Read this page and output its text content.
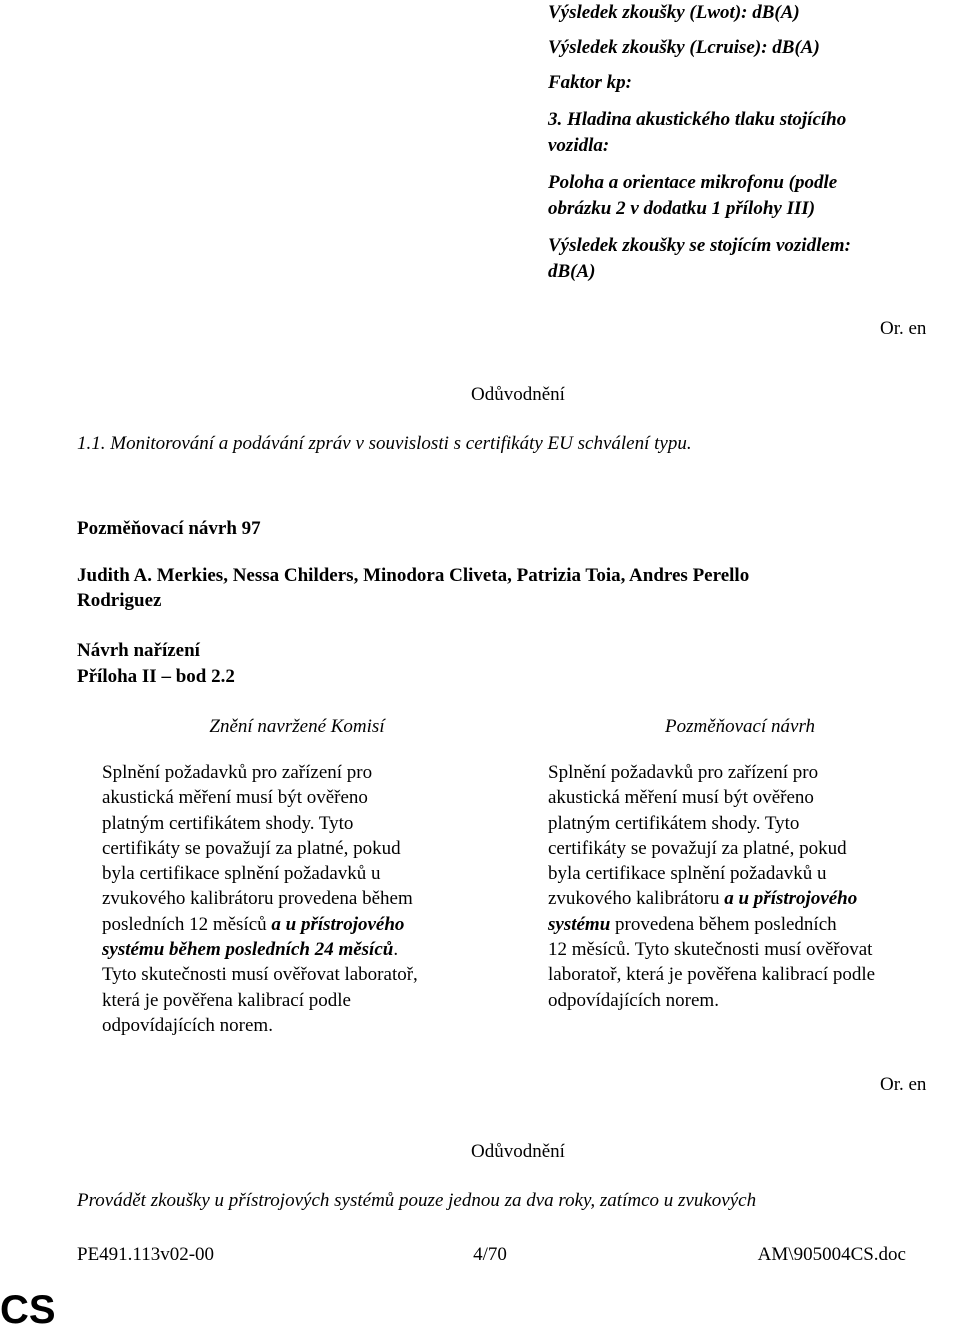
Výsledek zkoušky (Lwot): dB(A)
Výsledek zkoušky (Lcruise): dB(A)
Faktor kp:
3. Hladina akustického tlaku stojícího
vozidla:
Poloha a orientace mikrofonu (podle
obrázku 2 v dodatku 1 přílohy III)
Výsledek zkoušky se stojícím vozidlem:
dB(A)
Or. en
Odůvodnění
1.1. Monitorování a podávání zpráv v souvislosti s certifikáty EU schválení typu.
Pozměňovací návrh 97
Judith A. Merkies, Nessa Childers, Minodora Cliveta, Patrizia Toia, Andres Perello
Rodriguez
Návrh nařízení
Příloha II – bod 2.2
Znění navržené Komisí	Pozměňovací návrh
Splnění požadavků pro zařízení pro
akustická měření musí být ověřeno
platným certifikátem shody. Tyto
certifikáty se považují za platné, pokud
byla certifikace splnění požadavků u
zvukového kalibrátoru provedena během
posledních 12 měsíců a u přístrojového
systému během posledních 24 měsíců.
Tyto skutečnosti musí ověřovat laboratoř,
která je pověřena kalibrací podle
odpovídajících norem.
Splnění požadavků pro zařízení pro
akustická měření musí být ověřeno
platným certifikátem shody. Tyto
certifikáty se považují za platné, pokud
byla certifikace splnění požadavků u
zvukového kalibrátoru a u přístrojového
systému provedena během posledních
12 měsíců. Tyto skutečnosti musí ověřovat
laboratoř, která je pověřena kalibrací podle
odpovídajících norem.
Or. en
Odůvodnění
Provádět zkoušky u přístrojových systémů pouze jednou za dva roky, zatímco u zvukových
PE491.113v02-00	4/70	AM\905004CS.doc
CS
